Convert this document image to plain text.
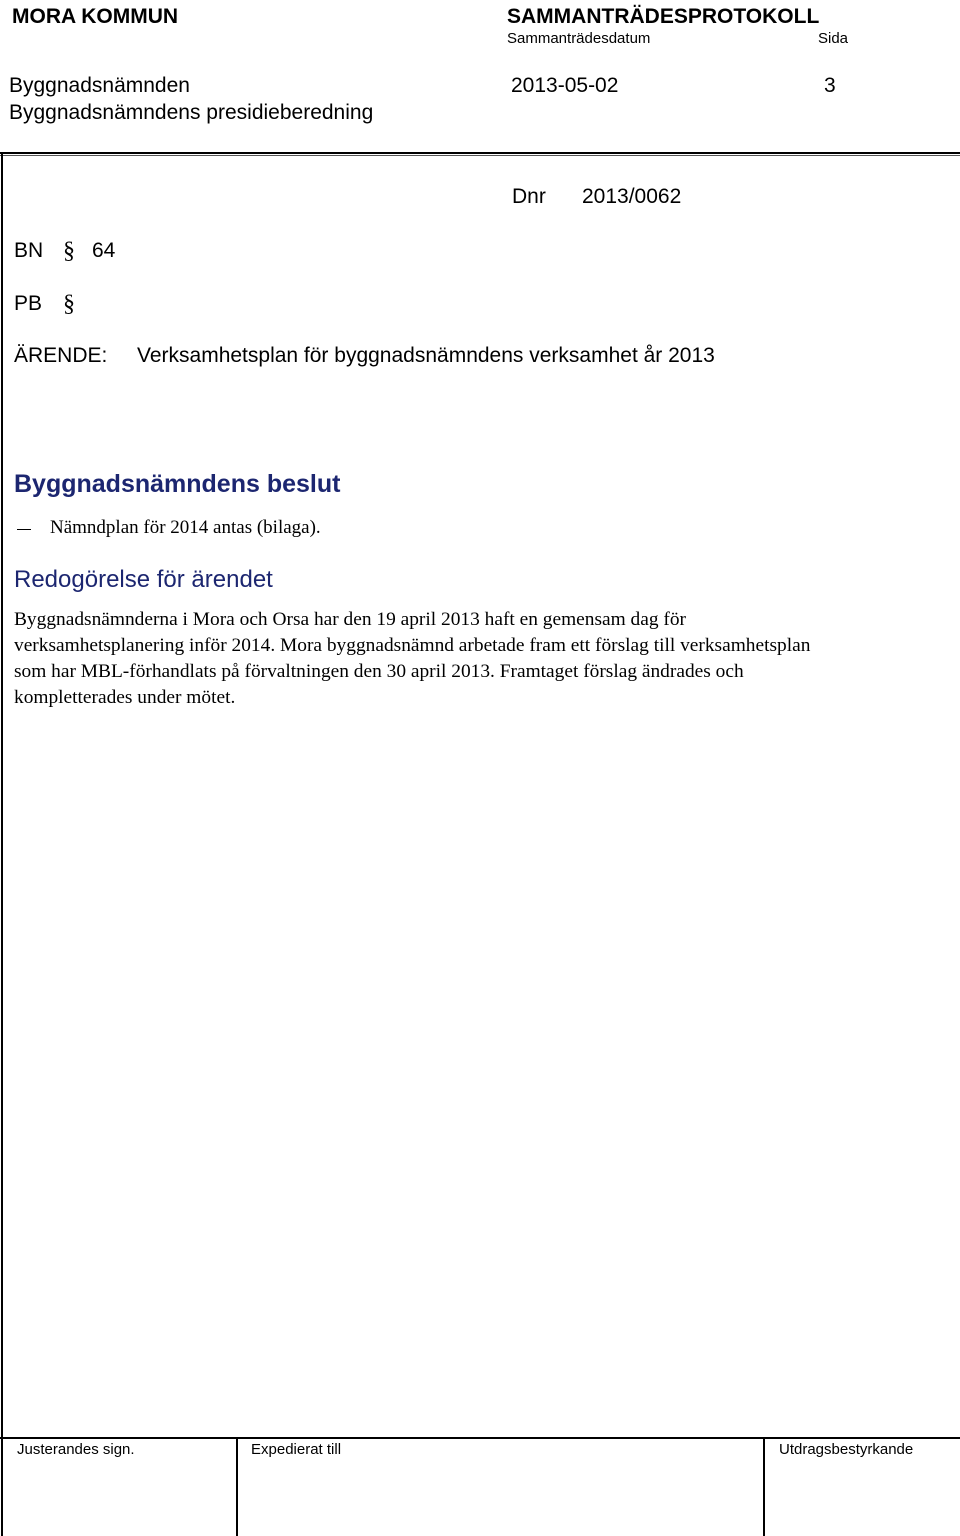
MORA KOMMUN	SAMMANTRÄDESPROTOKOLL
Sammanträdesdatum	Sida
Byggnadsnämnden	2013-05-02	3
Byggnadsnämndens presidieberedning
Dnr 2013/0062
BN § 64
PB §
ÄRENDE: Verksamhetsplan för byggnadsnämndens verksamhet år 2013
Byggnadsnämndens beslut
Nämndplan för 2014 antas (bilaga).
Redogörelse för ärendet
Byggnadsnämnderna i Mora och Orsa har den 19 april 2013 haft en gemensam dag för
verksamhetsplanering inför 2014. Mora byggnadsnämnd arbetade fram ett förslag till verksamhetsplan
som har MBL-förhandlats på förvaltningen den 30 april 2013. Framtaget förslag ändrades och
kompletterades under mötet.
Justerandes sign.	Expedierat till	Utdragsbestyrkande
